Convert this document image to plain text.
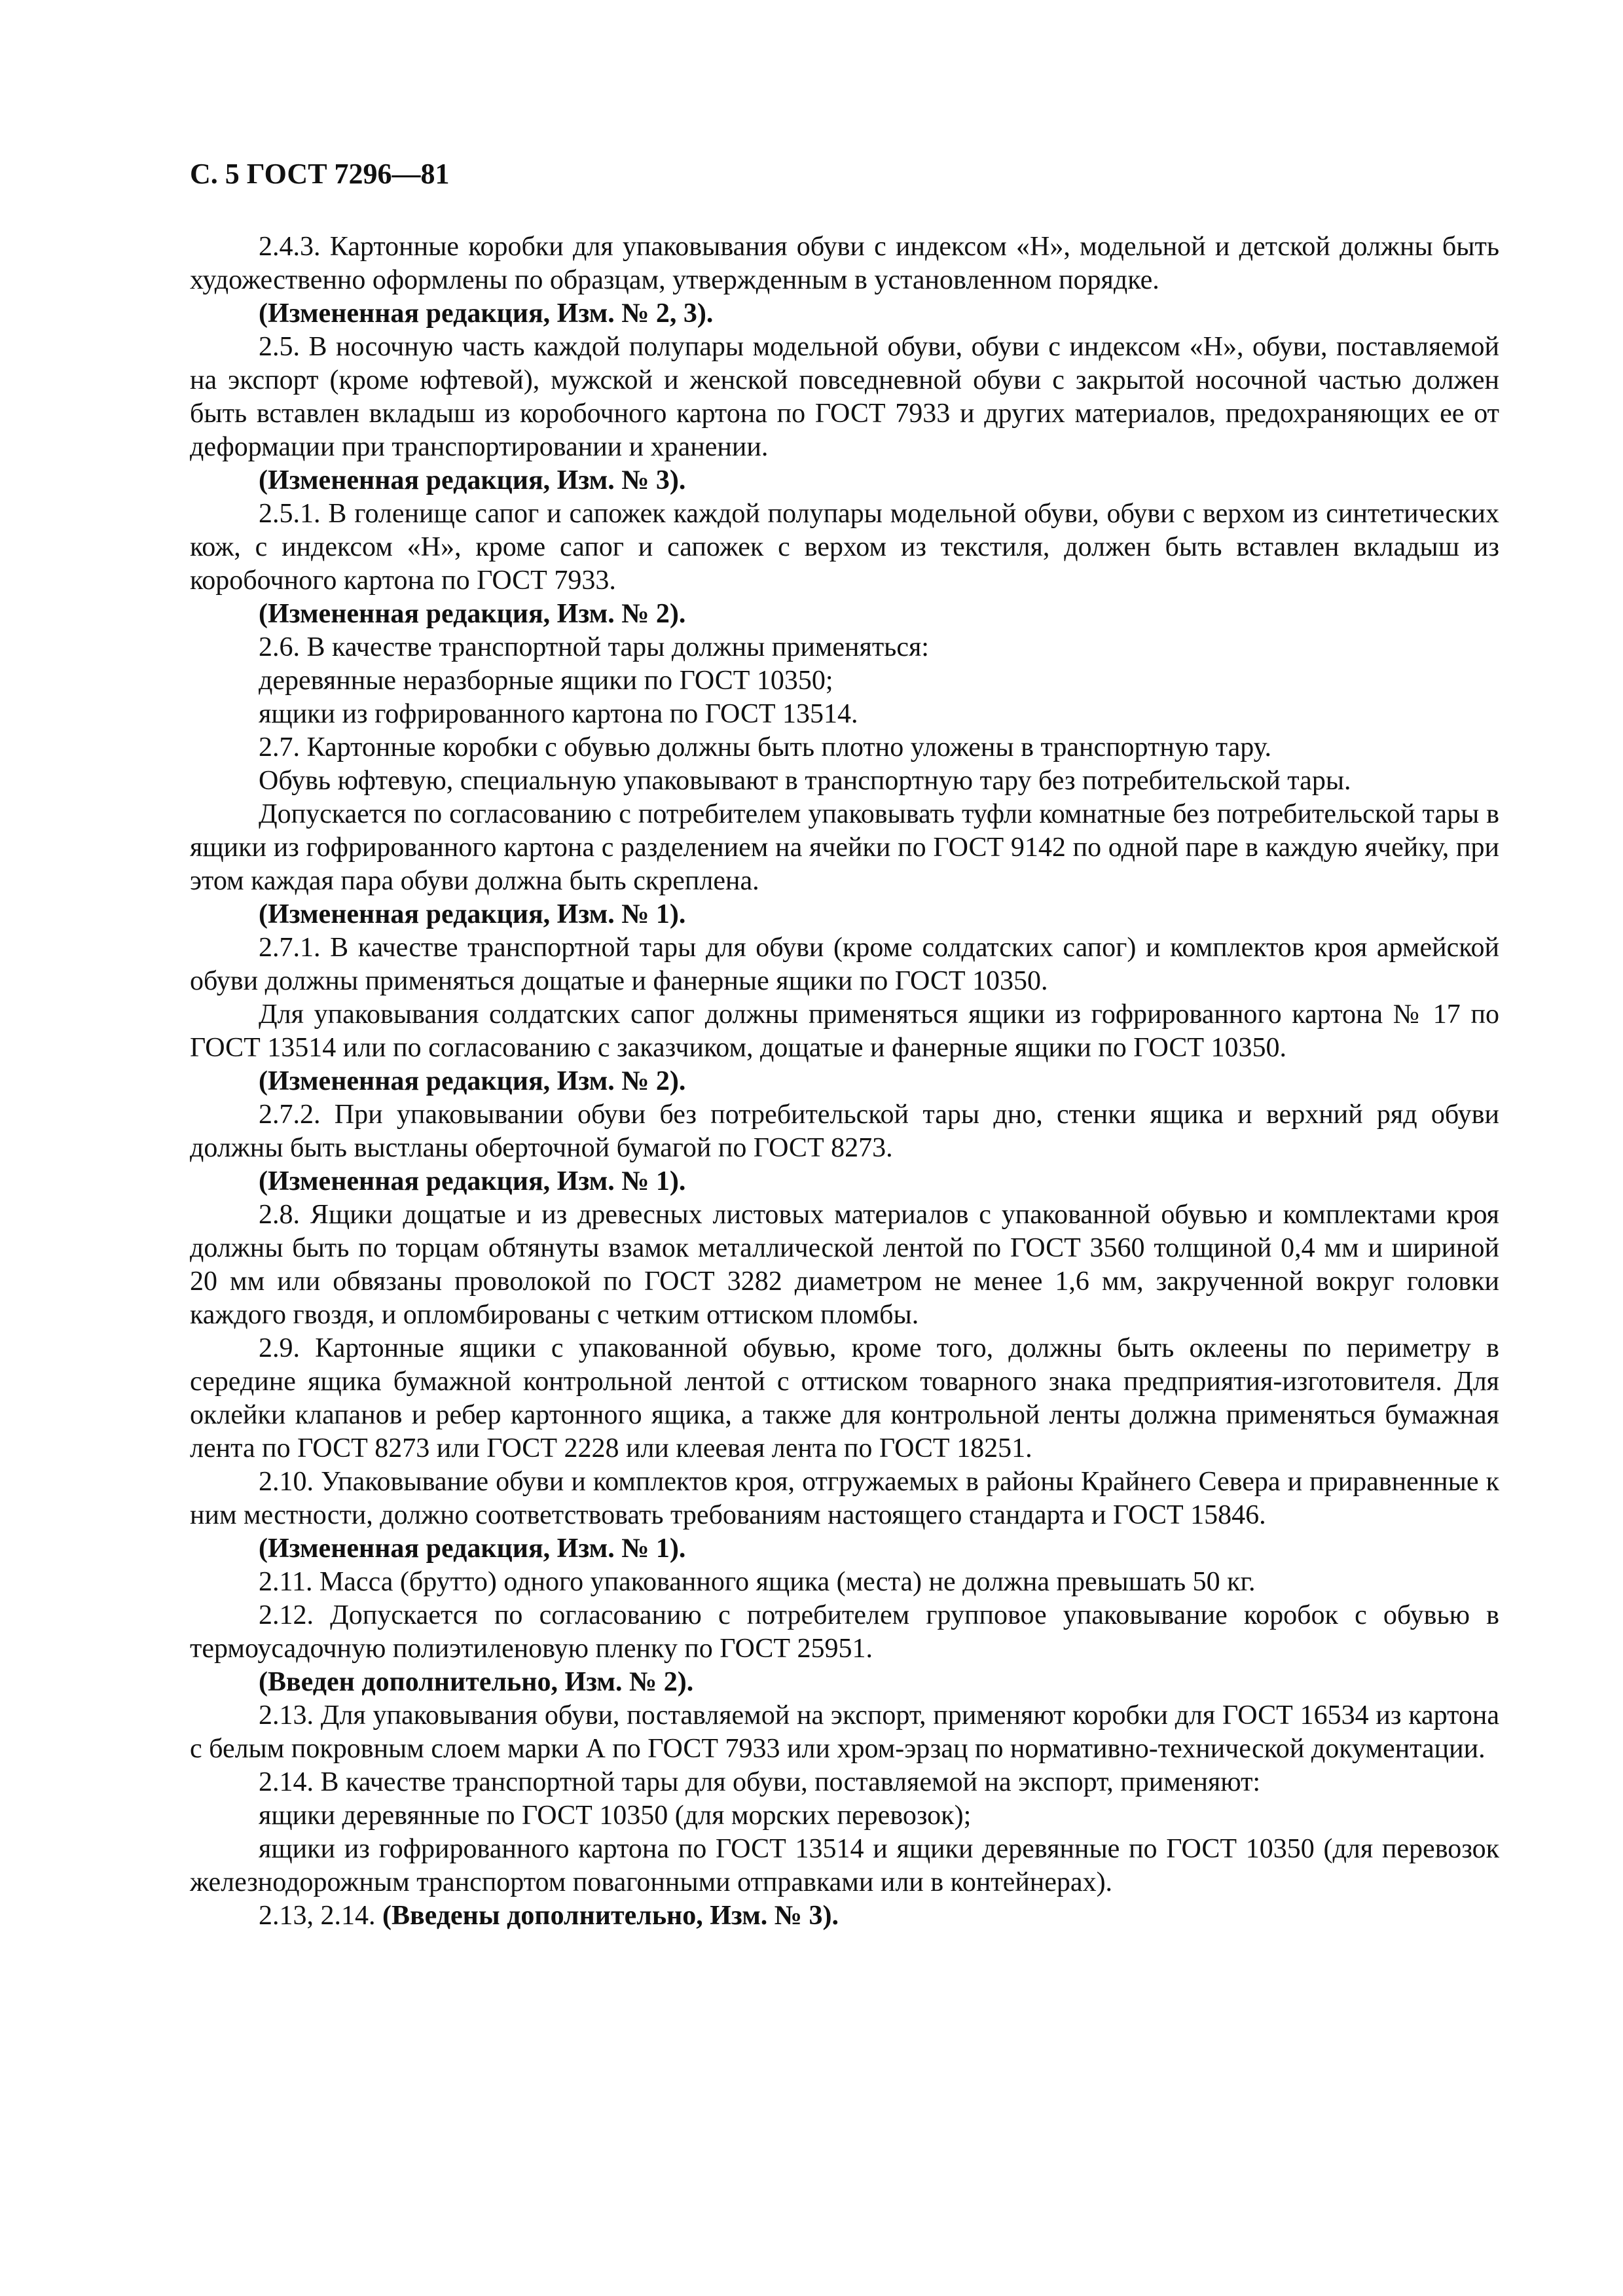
С. 5 ГОСТ 7296—81

2.4.3. Картонные коробки для упаковывания обуви с индексом «Н», модельной и детской должны быть художественно оформлены по образцам, утвержденным в установленном порядке.

(Измененная редакция, Изм. № 2, 3).

2.5. В носочную часть каждой полупары модельной обуви, обуви с индексом «Н», обуви, поставляемой на экспорт (кроме юфтевой), мужской и женской повседневной обуви с закрытой носочной частью должен быть вставлен вкладыш из коробочного картона по ГОСТ 7933 и других материалов, предохраняющих ее от деформации при транспортировании и хранении.

(Измененная редакция, Изм. № 3).

2.5.1. В голенище сапог и сапожек каждой полупары модельной обуви, обуви с верхом из синтетических кож, с индексом «Н», кроме сапог и сапожек с верхом из текстиля, должен быть вставлен вкладыш из коробочного картона по ГОСТ 7933.

(Измененная редакция, Изм. № 2).

2.6. В качестве транспортной тары должны применяться:

деревянные неразборные ящики по ГОСТ 10350;

ящики из гофрированного картона по ГОСТ 13514.

2.7. Картонные коробки с обувью должны быть плотно уложены в транспортную тару.

Обувь юфтевую, специальную упаковывают в транспортную тару без потребительской тары.

Допускается по согласованию с потребителем упаковывать туфли комнатные без потребительской тары в ящики из гофрированного картона с разделением на ячейки по ГОСТ 9142 по одной паре в каждую ячейку, при этом каждая пара обуви должна быть скреплена.

(Измененная редакция, Изм. № 1).

2.7.1. В качестве транспортной тары для обуви (кроме солдатских сапог) и комплектов кроя армейской обуви должны применяться дощатые и фанерные ящики по ГОСТ 10350.

Для упаковывания солдатских сапог должны применяться ящики из гофрированного картона № 17 по ГОСТ 13514 или по согласованию с заказчиком, дощатые и фанерные ящики по ГОСТ 10350.

(Измененная редакция, Изм. № 2).

2.7.2. При упаковывании обуви без потребительской тары дно, стенки ящика и верхний ряд обуви должны быть выстланы оберточной бумагой по ГОСТ 8273.

(Измененная редакция, Изм. № 1).

2.8. Ящики дощатые и из древесных листовых материалов с упакованной обувью и комплектами кроя должны быть по торцам обтянуты взамок металлической лентой по ГОСТ 3560 толщиной 0,4 мм и шириной 20 мм или обвязаны проволокой по ГОСТ 3282 диаметром не менее 1,6 мм, закрученной вокруг головки каждого гвоздя, и опломбированы с четким оттиском пломбы.

2.9. Картонные ящики с упакованной обувью, кроме того, должны быть оклеены по периметру в середине ящика бумажной контрольной лентой с оттиском товарного знака предприятия-изготовителя. Для оклейки клапанов и ребер картонного ящика, а также для контрольной ленты должна применяться бумажная лента по ГОСТ 8273 или ГОСТ 2228 или клеевая лента по ГОСТ 18251.

2.10. Упаковывание обуви и комплектов кроя, отгружаемых в районы Крайнего Севера и приравненные к ним местности, должно соответствовать требованиям настоящего стандарта и ГОСТ 15846.

(Измененная редакция, Изм. № 1).

2.11. Масса (брутто) одного упакованного ящика (места) не должна превышать 50 кг.

2.12. Допускается по согласованию с потребителем групповое упаковывание коробок с обувью в термоусадочную полиэтиленовую пленку по ГОСТ 25951.

(Введен дополнительно, Изм. № 2).

2.13. Для упаковывания обуви, поставляемой на экспорт, применяют коробки для ГОСТ 16534 из картона с белым покровным слоем марки А по ГОСТ 7933 или хром-эрзац по нормативно-технической документации.

2.14. В качестве транспортной тары для обуви, поставляемой на экспорт, применяют:

ящики деревянные по ГОСТ 10350 (для морских перевозок);

ящики из гофрированного картона по ГОСТ 13514 и ящики деревянные по ГОСТ 10350 (для перевозок железнодорожным транспортом повагонными отправками или в контейнерах).

2.13, 2.14. (Введены дополнительно, Изм. № 3).
